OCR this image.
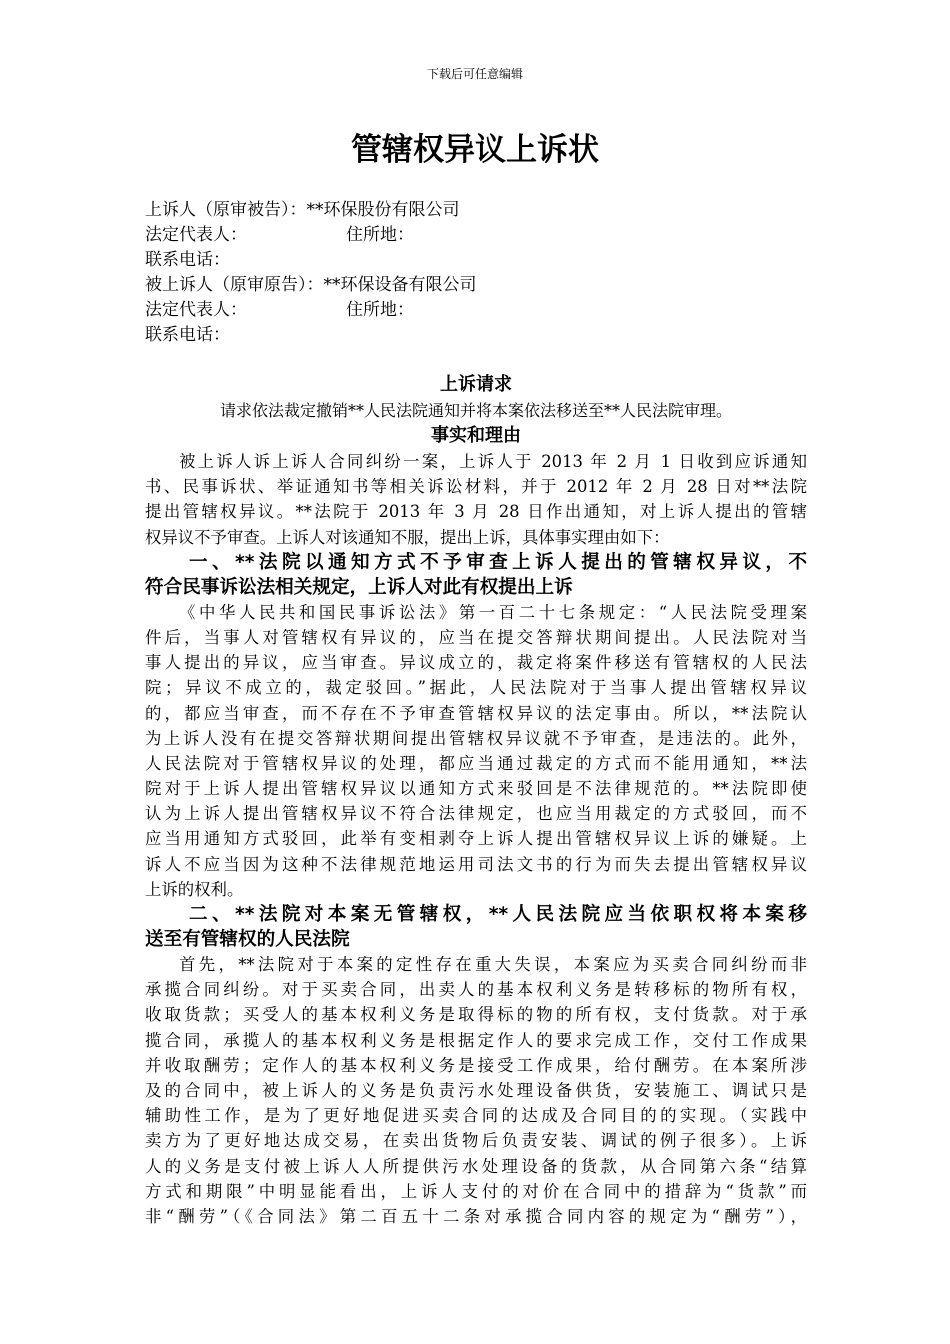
下载后可任意编辑
管辖权异议上诉状
上诉人（原审被告）：**环保股份有限公司
法定代表人：	住所地：
联系电话：
被上诉人（原审原告）：**环保设备有限公司
法定代表人：	住所地：
联系电话：
上诉请求
请求依法裁定撤销**人民法院通知并将本案依法移送至**人民法院审理。
事实和理由
被上诉人诉上诉人合同纠纷一案，上诉人于 2013 年 2 月 1 日收到应诉通知
书、民事诉状、举证通知书等相关诉讼材料，并于 2012 年 2 月 28 日对**法院
提出管辖权异议。**法院于 2013 年 3 月 28 日作出通知，对上诉人提出的管辖
权异议不予审查。上诉人对该通知不服，提出上诉，具体事实理由如下：
一、**法院以通知方式不予审查上诉人提出的管辖权异议，不
符合民事诉讼法相关规定，上诉人对此有权提出上诉
《中华人民共和国民事诉讼法》第一百二十七条规定：“人民法院受理案
件后，当事人对管辖权有异议的，应当在提交答辩状期间提出。人民法院对当
事人提出的异议，应当审查。异议成立的，裁定将案件移送有管辖权的人民法
院；异议不成立的，裁定驳回。”据此，人民法院对于当事人提出管辖权异议
的，都应当审查，而不存在不予审查管辖权异议的法定事由。所以，**法院认
为上诉人没有在提交答辩状期间提出管辖权异议就不予审查，是违法的。此外，
人民法院对于管辖权异议的处理，都应当通过裁定的方式而不能用通知，**法
院对于上诉人提出管辖权异议以通知方式来驳回是不法律规范的。**法院即使
认为上诉人提出管辖权异议不符合法律规定，也应当用裁定的方式驳回，而不
应当用通知方式驳回，此举有变相剥夺上诉人提出管辖权异议上诉的嫌疑。上
诉人不应当因为这种不法律规范地运用司法文书的行为而失去提出管辖权异议
上诉的权利。
二、**法院对本案无管辖权，**人民法院应当依职权将本案移
送至有管辖权的人民法院
首先，**法院对于本案的定性存在重大失误，本案应为买卖合同纠纷而非
承揽合同纠纷。对于买卖合同，出卖人的基本权利义务是转移标的物所有权，
收取货款；买受人的基本权利义务是取得标的物的所有权，支付货款。对于承
揽合同，承揽人的基本权利义务是根据定作人的要求完成工作，交付工作成果
并收取酬劳；定作人的基本权利义务是接受工作成果，给付酬劳。在本案所涉
及的合同中，被上诉人的义务是负责污水处理设备供货，安装施工、调试只是
辅助性工作，是为了更好地促进买卖合同的达成及合同目的的实现。（实践中
卖方为了更好地达成交易，在卖出货物后负责安装、调试的例子很多）。上诉
人的义务是支付被上诉人人所提供污水处理设备的货款，从合同第六条“结算
方式和期限”中明显能看出，上诉人支付的对价在合同中的措辞为“货款”而
非“酬劳”（《合同法》第二百五十二条对承揽合同内容的规定为“酬劳”），
